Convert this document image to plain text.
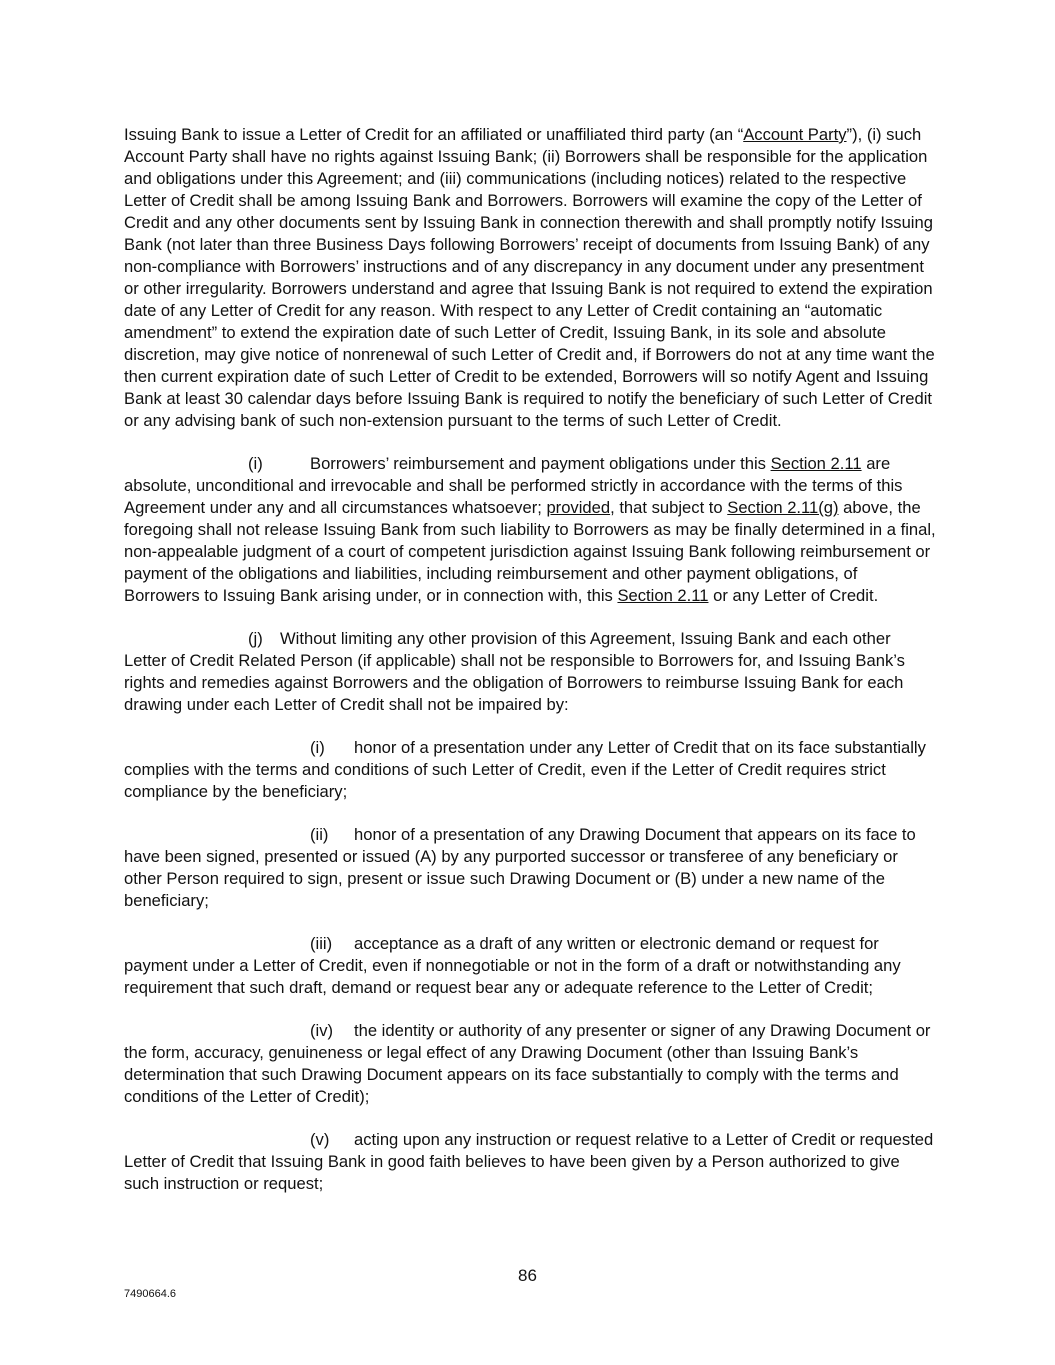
Issuing Bank to issue a Letter of Credit for an affiliated or unaffiliated third party (an “Account Party”), (i) such Account Party shall have no rights against Issuing Bank; (ii) Borrowers shall be responsible for the application and obligations under this Agreement; and (iii) communications (including notices) related to the respective Letter of Credit shall be among Issuing Bank and Borrowers. Borrowers will examine the copy of the Letter of Credit and any other documents sent by Issuing Bank in connection therewith and shall promptly notify Issuing Bank (not later than three Business Days following Borrowers’ receipt of documents from Issuing Bank) of any non-compliance with Borrowers’ instructions and of any discrepancy in any document under any presentment or other irregularity. Borrowers understand and agree that Issuing Bank is not required to extend the expiration date of any Letter of Credit for any reason. With respect to any Letter of Credit containing an “automatic amendment” to extend the expiration date of such Letter of Credit, Issuing Bank, in its sole and absolute discretion, may give notice of nonrenewal of such Letter of Credit and, if Borrowers do not at any time want the then current expiration date of such Letter of Credit to be extended, Borrowers will so notify Agent and Issuing Bank at least 30 calendar days before Issuing Bank is required to notify the beneficiary of such Letter of Credit or any advising bank of such non-extension pursuant to the terms of such Letter of Credit.

(i)	Borrowers’ reimbursement and payment obligations under this Section 2.11 are absolute, unconditional and irrevocable and shall be performed strictly in accordance with the terms of this Agreement under any and all circumstances whatsoever; provided, that subject to Section 2.11(g) above, the foregoing shall not release Issuing Bank from such liability to Borrowers as may be finally determined in a final, non-appealable judgment of a court of competent jurisdiction against Issuing Bank following reimbursement or payment of the obligations and liabilities, including reimbursement and other payment obligations, of Borrowers to Issuing Bank arising under, or in connection with, this Section 2.11 or any Letter of Credit.

(j) Without limiting any other provision of this Agreement, Issuing Bank and each other Letter of Credit Related Person (if applicable) shall not be responsible to Borrowers for, and Issuing Bank’s rights and remedies against Borrowers and the obligation of Borrowers to reimburse Issuing Bank for each drawing under each Letter of Credit shall not be impaired by:

(i) honor of a presentation under any Letter of Credit that on its face substantially complies with the terms and conditions of such Letter of Credit, even if the Letter of Credit requires strict compliance by the beneficiary;

(ii) honor of a presentation of any Drawing Document that appears on its face to have been signed, presented or issued (A) by any purported successor or transferee of any beneficiary or other Person required to sign, present or issue such Drawing Document or (B) under a new name of the beneficiary;

(iii) acceptance as a draft of any written or electronic demand or request for payment under a Letter of Credit, even if nonnegotiable or not in the form of a draft or notwithstanding any requirement that such draft, demand or request bear any or adequate reference to the Letter of Credit;

(iv) the identity or authority of any presenter or signer of any Drawing Document or the form, accuracy, genuineness or legal effect of any Drawing Document (other than Issuing Bank’s determination that such Drawing Document appears on its face substantially to comply with the terms and conditions of the Letter of Credit);

(v) acting upon any instruction or request relative to a Letter of Credit or requested Letter of Credit that Issuing Bank in good faith believes to have been given by a Person authorized to give such instruction or request;

86
7490664.6
